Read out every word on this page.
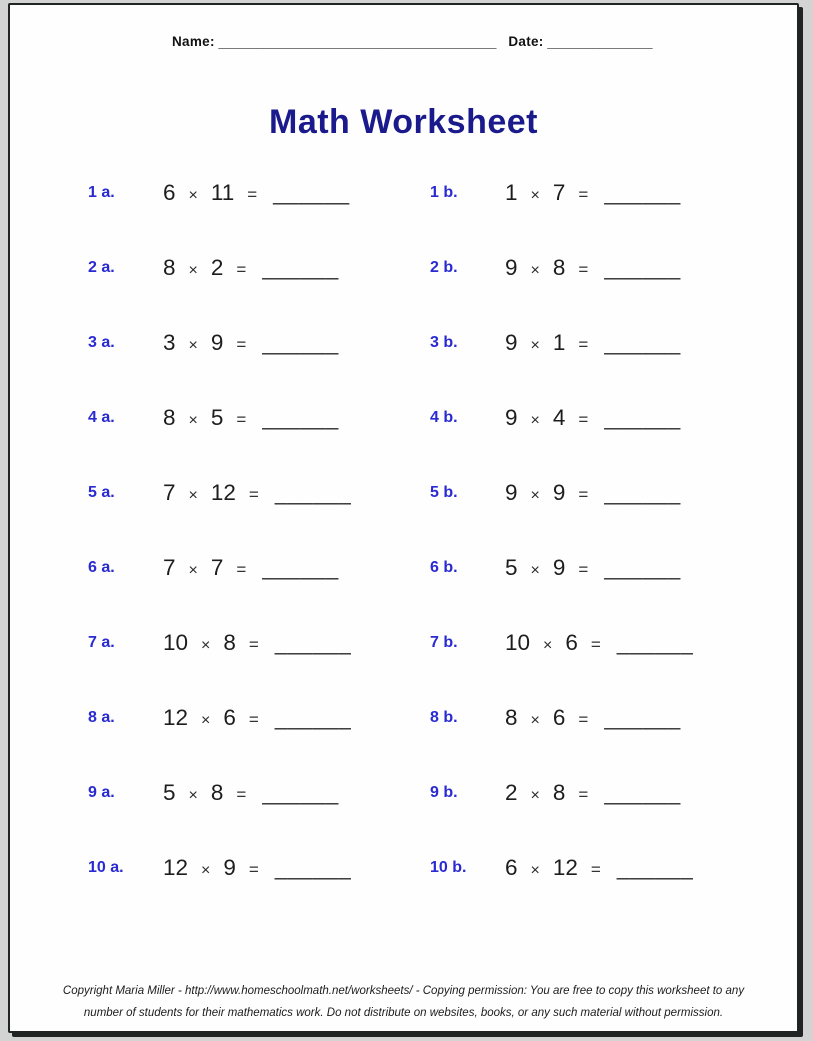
Name: _____________________________________ Date: ______________
Math Worksheet
1 a. 6 × 11 = ______	1 b. 1 × 7 = ______
2 a. 8 × 2 = ______	2 b. 9 × 8 = ______
3 a. 3 × 9 = ______	3 b. 9 × 1 = ______
4 a. 8 × 5 = ______	4 b. 9 × 4 = ______
5 a. 7 × 12 = ______	5 b. 9 × 9 = ______
6 a. 7 × 7 = ______	6 b. 5 × 9 = ______
7 a. 10 × 8 = ______	7 b. 10 × 6 = ______
8 a. 12 × 6 = ______	8 b. 8 × 6 = ______
9 a. 5 × 8 = ______	9 b. 2 × 8 = ______
10 a. 12 × 9 = ______	10 b. 6 × 12 = ______
Copyright Maria Miller - http://www.homeschoolmath.net/worksheets/ - Copying permission: You are free to copy this worksheet to any
number of students for their mathematics work. Do not distribute on websites, books, or any such material without permission.
